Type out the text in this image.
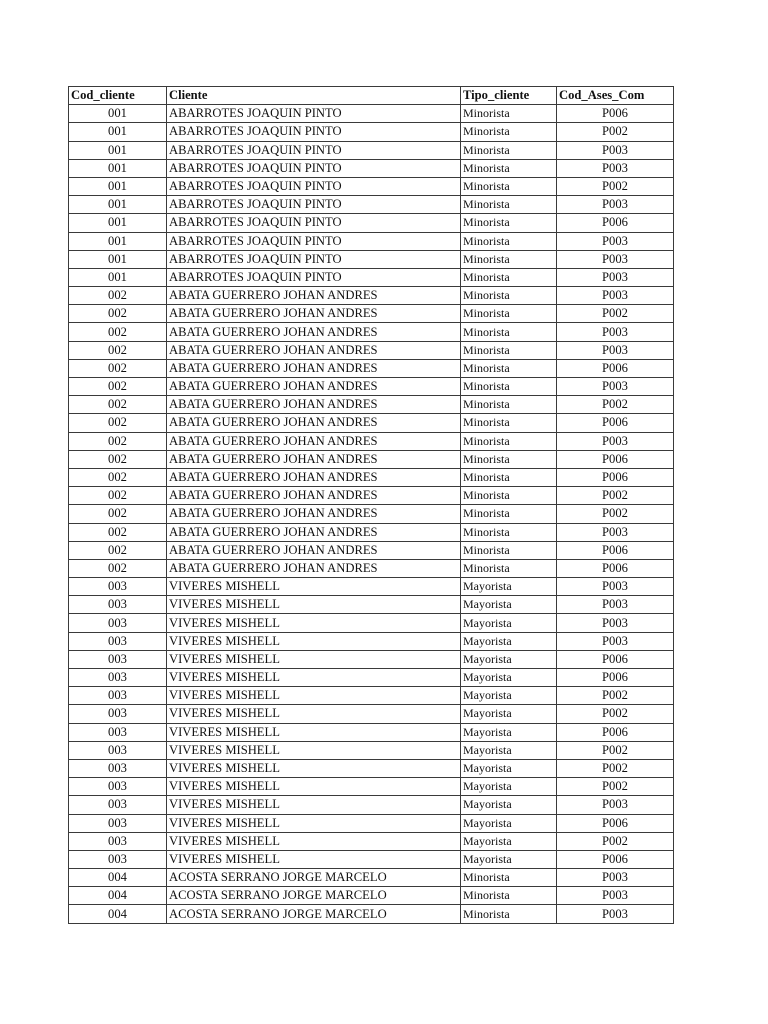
Cod_cliente	Cliente	Tipo_cliente	Cod_Ases_Com
001	ABARROTES JOAQUIN PINTO	Minorista	P006
001	ABARROTES JOAQUIN PINTO	Minorista	P002
001	ABARROTES JOAQUIN PINTO	Minorista	P003
001	ABARROTES JOAQUIN PINTO	Minorista	P003
001	ABARROTES JOAQUIN PINTO	Minorista	P002
001	ABARROTES JOAQUIN PINTO	Minorista	P003
001	ABARROTES JOAQUIN PINTO	Minorista	P006
001	ABARROTES JOAQUIN PINTO	Minorista	P003
001	ABARROTES JOAQUIN PINTO	Minorista	P003
001	ABARROTES JOAQUIN PINTO	Minorista	P003
002	ABATA GUERRERO JOHAN ANDRES	Minorista	P003
002	ABATA GUERRERO JOHAN ANDRES	Minorista	P002
002	ABATA GUERRERO JOHAN ANDRES	Minorista	P003
002	ABATA GUERRERO JOHAN ANDRES	Minorista	P003
002	ABATA GUERRERO JOHAN ANDRES	Minorista	P006
002	ABATA GUERRERO JOHAN ANDRES	Minorista	P003
002	ABATA GUERRERO JOHAN ANDRES	Minorista	P002
002	ABATA GUERRERO JOHAN ANDRES	Minorista	P006
002	ABATA GUERRERO JOHAN ANDRES	Minorista	P003
002	ABATA GUERRERO JOHAN ANDRES	Minorista	P006
002	ABATA GUERRERO JOHAN ANDRES	Minorista	P006
002	ABATA GUERRERO JOHAN ANDRES	Minorista	P002
002	ABATA GUERRERO JOHAN ANDRES	Minorista	P002
002	ABATA GUERRERO JOHAN ANDRES	Minorista	P003
002	ABATA GUERRERO JOHAN ANDRES	Minorista	P006
002	ABATA GUERRERO JOHAN ANDRES	Minorista	P006
003	VIVERES MISHELL	Mayorista	P003
003	VIVERES MISHELL	Mayorista	P003
003	VIVERES MISHELL	Mayorista	P003
003	VIVERES MISHELL	Mayorista	P003
003	VIVERES MISHELL	Mayorista	P006
003	VIVERES MISHELL	Mayorista	P006
003	VIVERES MISHELL	Mayorista	P002
003	VIVERES MISHELL	Mayorista	P002
003	VIVERES MISHELL	Mayorista	P006
003	VIVERES MISHELL	Mayorista	P002
003	VIVERES MISHELL	Mayorista	P002
003	VIVERES MISHELL	Mayorista	P002
003	VIVERES MISHELL	Mayorista	P003
003	VIVERES MISHELL	Mayorista	P006
003	VIVERES MISHELL	Mayorista	P002
003	VIVERES MISHELL	Mayorista	P006
004	ACOSTA SERRANO JORGE MARCELO	Minorista	P003
004	ACOSTA SERRANO JORGE MARCELO	Minorista	P003
004	ACOSTA SERRANO JORGE MARCELO	Minorista	P003
